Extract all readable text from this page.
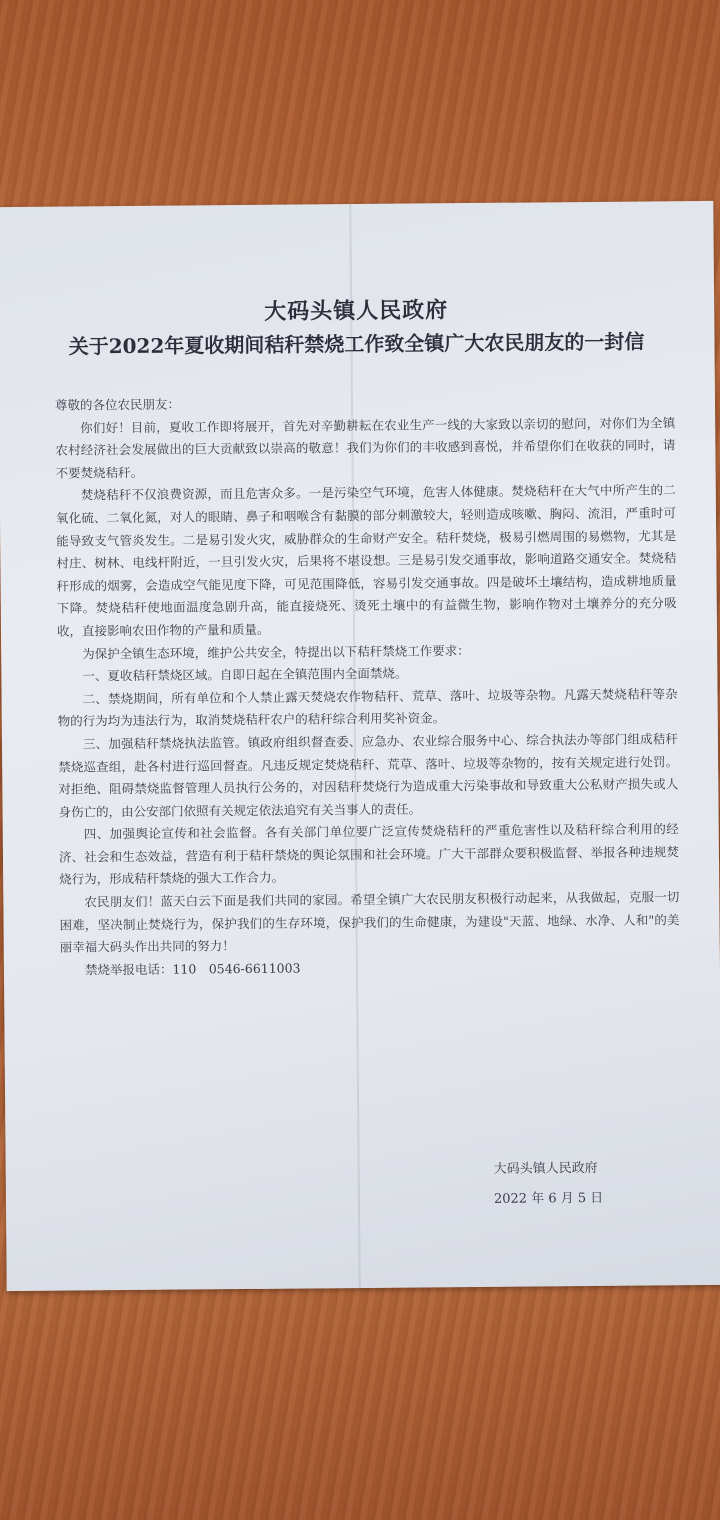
大码头镇人民政府
关于2022年夏收期间秸秆禁烧工作致全镇广大农民朋友的一封信

尊敬的各位农民朋友：

你们好！目前，夏收工作即将展开，首先对辛勤耕耘在农业生产一线的大家致以亲切的慰问，对你们为全镇农村经济社会发展做出的巨大贡献致以崇高的敬意！我们为你们的丰收感到喜悦，并希望你们在收获的同时，请不要焚烧秸秆。

焚烧秸秆不仅浪费资源，而且危害众多。一是污染空气环境，危害人体健康。焚烧秸秆在大气中所产生的二氧化硫、二氧化氮，对人的眼睛、鼻子和咽喉含有黏膜的部分刺激较大，轻则造成咳嗽、胸闷、流泪，严重时可能导致支气管炎发生。二是易引发火灾，威胁群众的生命财产安全。秸秆焚烧，极易引燃周围的易燃物，尤其是村庄、树林、电线杆附近，一旦引发火灾，后果将不堪设想。三是易引发交通事故，影响道路交通安全。焚烧秸秆形成的烟雾，会造成空气能见度下降，可见范围降低，容易引发交通事故。四是破坏土壤结构，造成耕地质量下降。焚烧秸秆使地面温度急剧升高，能直接烧死、烫死土壤中的有益微生物，影响作物对土壤养分的充分吸收，直接影响农田作物的产量和质量。

为保护全镇生态环境，维护公共安全，特提出以下秸秆禁烧工作要求：

一、夏收秸秆禁烧区域。自即日起在全镇范围内全面禁烧。

二、禁烧期间，所有单位和个人禁止露天焚烧农作物秸秆、荒草、落叶、垃圾等杂物。凡露天焚烧秸秆等杂物的行为均为违法行为，取消焚烧秸秆农户的秸秆综合利用奖补资金。

三、加强秸秆禁烧执法监管。镇政府组织督查委、应急办、农业综合服务中心、综合执法办等部门组成秸秆禁烧巡查组，赴各村进行巡回督查。凡违反规定焚烧秸秆、荒草、落叶、垃圾等杂物的，按有关规定进行处罚。对拒绝、阻碍禁烧监督管理人员执行公务的，对因秸秆焚烧行为造成重大污染事故和导致重大公私财产损失或人身伤亡的，由公安部门依照有关规定依法追究有关当事人的责任。

四、加强舆论宣传和社会监督。各有关部门单位要广泛宣传焚烧秸秆的严重危害性以及秸秆综合利用的经济、社会和生态效益，营造有利于秸秆禁烧的舆论氛围和社会环境。广大干部群众要积极监督、举报各种违规焚烧行为，形成秸秆禁烧的强大工作合力。

农民朋友们！蓝天白云下面是我们共同的家园。希望全镇广大农民朋友积极行动起来，从我做起，克服一切困难，坚决制止焚烧行为，保护我们的生存环境，保护我们的生命健康，为建设"天蓝、地绿、水净、人和"的美丽幸福大码头作出共同的努力！

禁烧举报电话：110　0546-6611003

大码头镇人民政府
2022 年 6 月 5 日
